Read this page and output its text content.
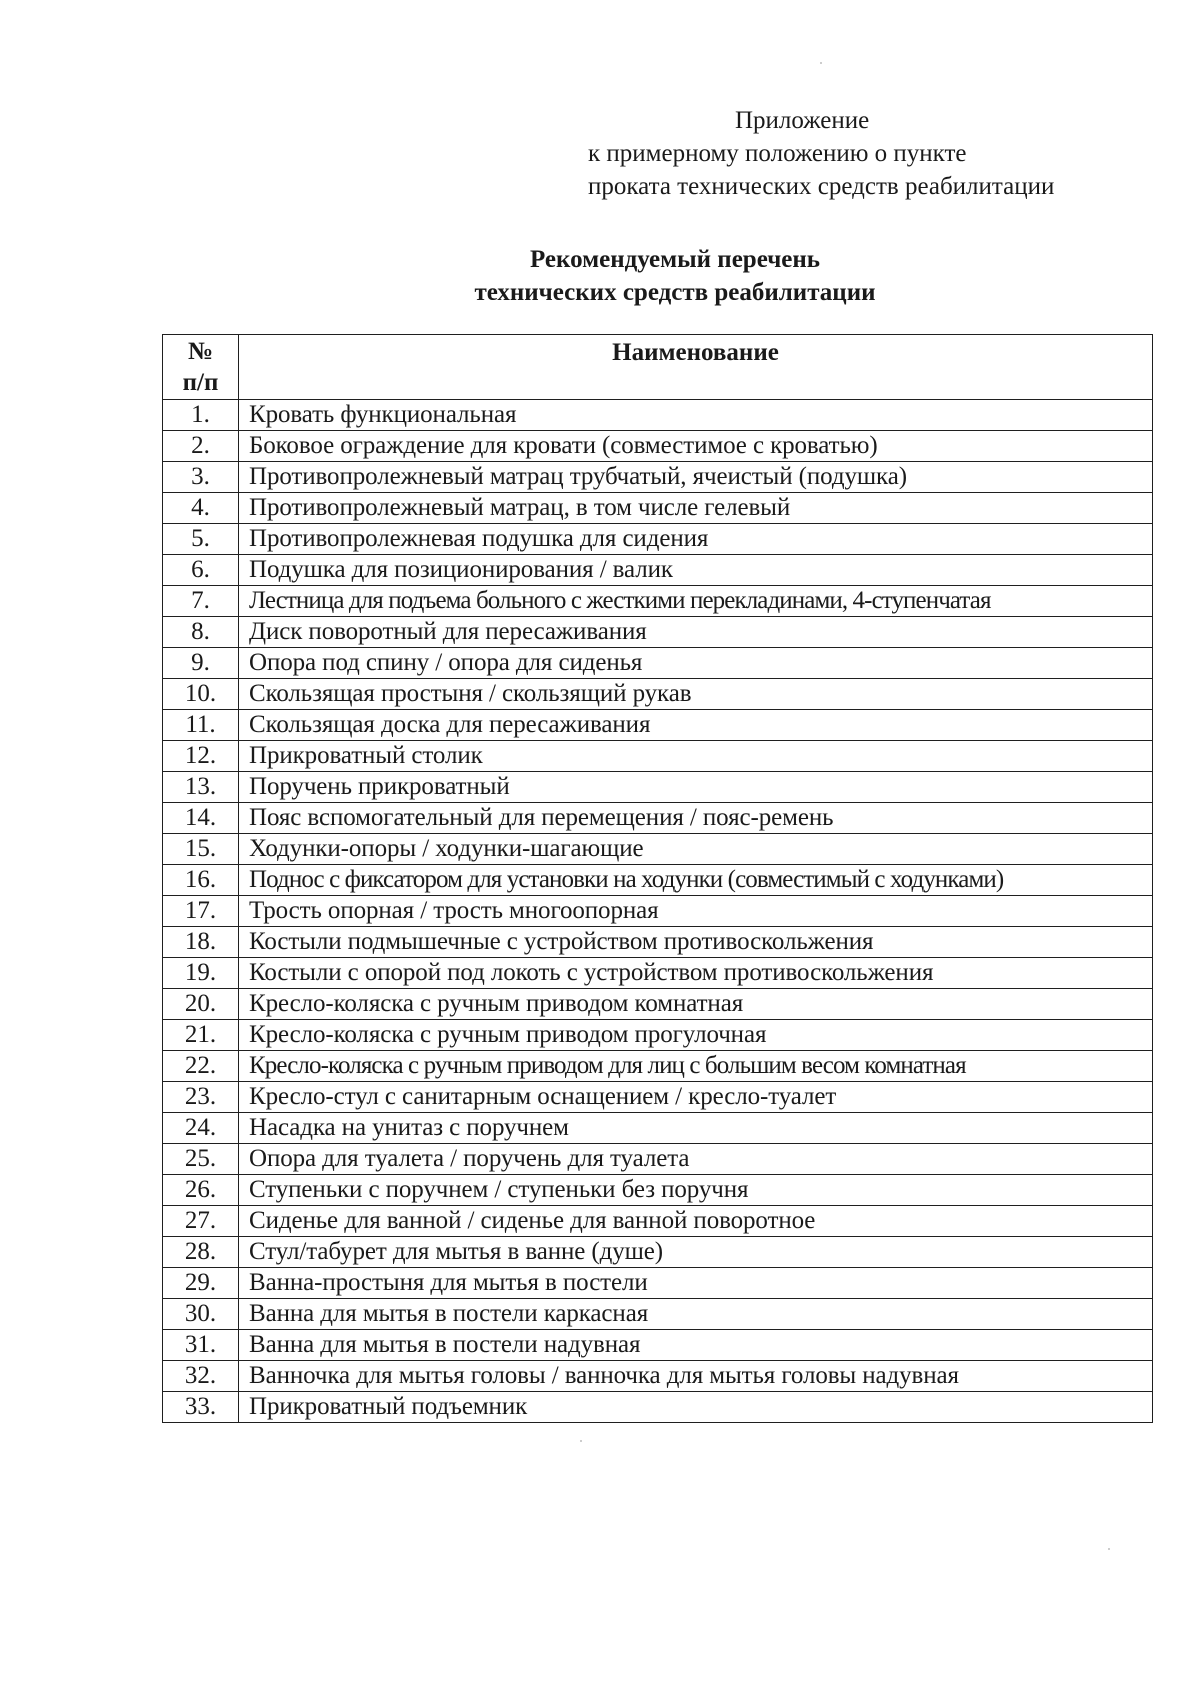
Приложение
к примерному положению о пункте
проката технических средств реабилитации
Рекомендуемый перечень
технических средств реабилитации
№
п/п	Наименование
1.	Кровать функциональная
2.	Боковое ограждение для кровати (совместимое с кроватью)
3.	Противопролежневый матрац трубчатый, ячеистый (подушка)
4.	Противопролежневый матрац, в том числе гелевый
5.	Противопролежневая подушка для сидения
6.	Подушка для позиционирования / валик
7.	Лестница для подъема больного с жесткими перекладинами, 4-ступенчатая
8.	Диск поворотный для пересаживания
9.	Опора под спину / опора для сиденья
10.	Скользящая простыня / скользящий рукав
11.	Скользящая доска для пересаживания
12.	Прикроватный столик
13.	Поручень прикроватный
14.	Пояс вспомогательный для перемещения / пояс-ремень
15.	Ходунки-опоры / ходунки-шагающие
16.	Поднос с фиксатором для установки на ходунки (совместимый с ходунками)
17.	Трость опорная / трость многоопорная
18.	Костыли подмышечные с устройством противоскольжения
19.	Костыли с опорой под локоть с устройством противоскольжения
20.	Кресло-коляска с ручным приводом комнатная
21.	Кресло-коляска с ручным приводом прогулочная
22.	Кресло-коляска с ручным приводом для лиц с большим весом комнатная
23.	Кресло-стул с санитарным оснащением / кресло-туалет
24.	Насадка на унитаз с поручнем
25.	Опора для туалета / поручень для туалета
26.	Ступеньки с поручнем / ступеньки без поручня
27.	Сиденье для ванной / сиденье для ванной поворотное
28.	Стул/табурет для мытья в ванне (душе)
29.	Ванна-простыня для мытья в постели
30.	Ванна для мытья в постели каркасная
31.	Ванна для мытья в постели надувная
32.	Ванночка для мытья головы / ванночка для мытья головы надувная
33.	Прикроватный подъемник
